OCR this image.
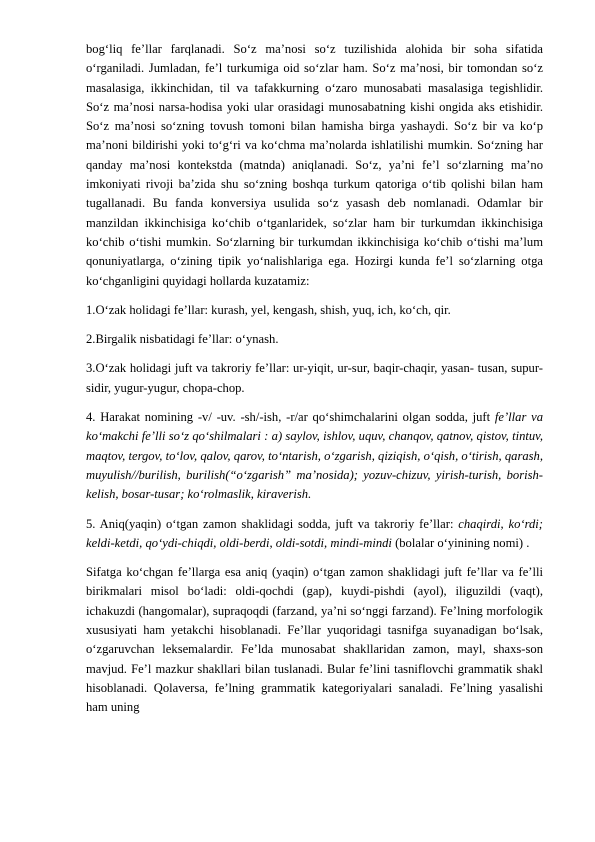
bog‘liq fe’llar farqlanadi. So‘z ma’nosi so‘z tuzilishida alohida bir soha sifatida o‘rganiladi. Jumladan, fe’l turkumiga oid so‘zlar ham. So‘z ma’nosi, bir tomondan so‘z masalasiga, ikkinchidan, til va tafakkurning o‘zaro munosabati masalasiga tegishlidir. So‘z ma’nosi narsa-hodisa yoki ular orasidagi munosabatning kishi ongida aks etishidir. So‘z ma’nosi so‘zning tovush tomoni bilan hamisha birga yashaydi. So‘z bir va ko‘p ma’noni bildirishi yoki to‘g‘ri va ko‘chma ma’nolarda ishlatilishi mumkin. So‘zning har qanday ma’nosi kontekstda (matnda) aniqlanadi. So‘z, ya’ni fe’l so‘zlarning ma’no imkoniyati rivoji ba’zida shu so‘zning boshqa turkum qatoriga o‘tib qolishi bilan ham tugallanadi. Bu fanda konversiya usulida so‘z yasash deb nomlanadi. Odamlar bir manzildan ikkinchisiga ko‘chib o‘tganlaridek, so‘zlar ham bir turkumdan ikkinchisiga ko‘chib o‘tishi mumkin. So‘zlarning bir turkumdan ikkinchisiga ko‘chib o‘tishi ma’lum qonuniyatlarga, o‘zining tipik yo‘nalishlariga ega. Hozirgi kunda fe’l so‘zlarning otga ko‘chganligini quyidagi hollarda kuzatamiz:

1.O‘zak holidagi fe’llar: kurash, yel, kengash, shish, yuq, ich, ko‘ch, qir.

2.Birgalik nisbatidagi fe’llar: o‘ynash.

3.O‘zak holidagi juft va takroriy fe’llar: ur-yiqit, ur-sur, baqir-chaqir, yasan- tusan, supur-sidir, yugur-yugur, chopa-chop.

4. Harakat nomining -v/ -uv. -sh/-ish, -r/ar qo‘shimchalarini olgan sodda, juft fe’llar va ko‘makchi fe’lli so‘z qo‘shilmalari : a) saylov, ishlov, uquv, chanqov, qatnov, qistov, tintuv, maqtov, tergov, to‘lov, qalov, qarov, to‘ntarish, o‘zgarish, qiziqish, o‘qish, o‘tirish, qarash, muyulish//burilish, burilish(“o‘zgarish” ma’nosida); yozuv-chizuv, yirish-turish, borish-kelish, bosar-tusar; ko‘rolmaslik, kiraverish.

5. Aniq(yaqin) o‘tgan zamon shaklidagi sodda, juft va takroriy fe’llar: chaqirdi, ko‘rdi; keldi-ketdi, qo‘ydi-chiqdi, oldi-berdi, oldi-sotdi, mindi-mindi (bolalar o‘yinining nomi) .

Sifatga ko‘chgan fe’llarga esa aniq (yaqin) o‘tgan zamon shaklidagi juft fe’llar va fe’lli birikmalari misol bo‘ladi: oldi-qochdi (gap), kuydi-pishdi (ayol), iliguzildi (vaqt), ichakuzdi (hangomalar), supraqoqdi (farzand, ya’ni so‘nggi farzand). Fe’lning morfologik xususiyati ham yetakchi hisoblanadi. Fe’llar yuqoridagi tasnifga suyanadigan bo‘lsak, o‘zgaruvchan leksemalardir. Fe’lda munosabat shakllaridan zamon, mayl, shaxs-son mavjud. Fe’l mazkur shakllari bilan tuslanadi. Bular fe’lini tasniflovchi grammatik shakl hisoblanadi. Qolaversa, fe’lning grammatik kategoriyalari sanaladi. Fe’lning yasalishi ham uning
